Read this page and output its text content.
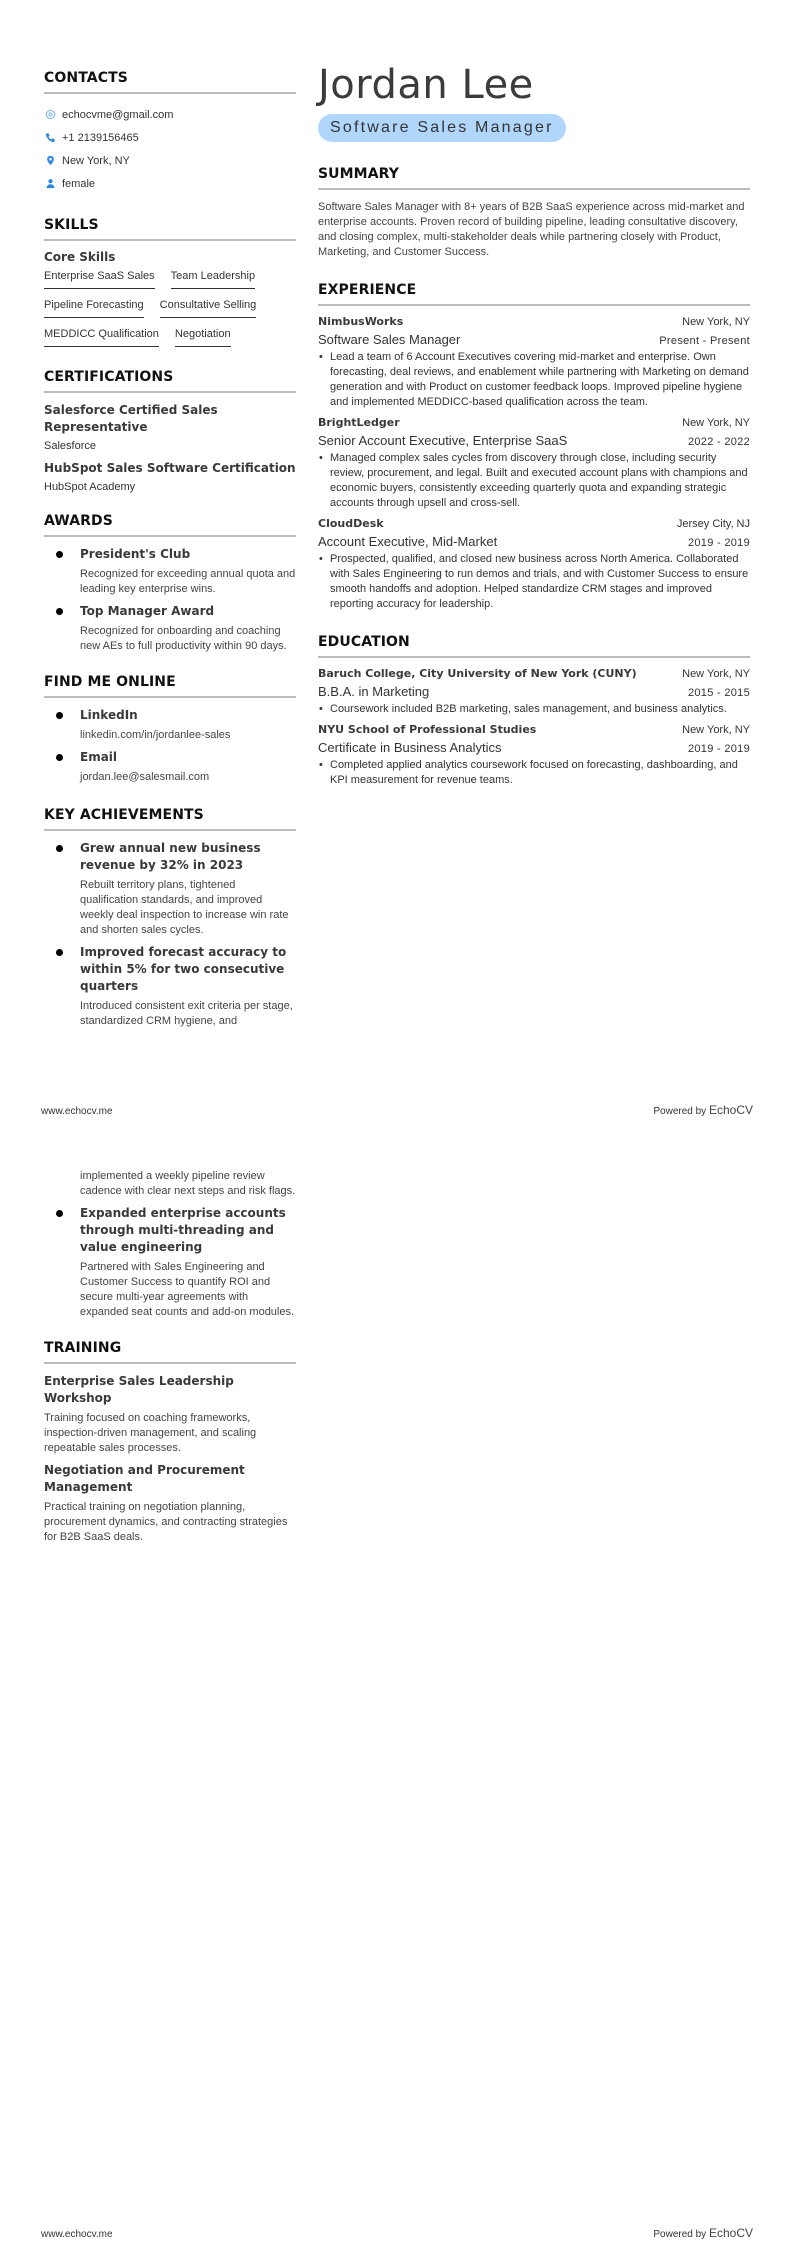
CONTACTS
echocvme@gmail.com
+1 2139156465
New York, NY
female
SKILLS
Core Skills
Enterprise SaaS Sales Team Leadership
Pipeline Forecasting Consultative Selling
MEDDICC Qualification Negotiation
CERTIFICATIONS
Salesforce Certified Sales Representative
Salesforce
HubSpot Sales Software Certification
HubSpot Academy
AWARDS
President's Club
Recognized for exceeding annual quota and leading key enterprise wins.
Top Manager Award
Recognized for onboarding and coaching new AEs to full productivity within 90 days.
FIND ME ONLINE
LinkedIn
linkedin.com/in/jordanlee-sales
Email
jordan.lee@salesmail.com
KEY ACHIEVEMENTS
Grew annual new business revenue by 32% in 2023
Rebuilt territory plans, tightened qualification standards, and improved weekly deal inspection to increase win rate and shorten sales cycles.
Improved forecast accuracy to within 5% for two consecutive quarters
Introduced consistent exit criteria per stage, standardized CRM hygiene, and
Jordan Lee
Software Sales Manager
SUMMARY
Software Sales Manager with 8+ years of B2B SaaS experience across mid-market and enterprise accounts. Proven record of building pipeline, leading consultative discovery, and closing complex, multi-stakeholder deals while partnering closely with Product, Marketing, and Customer Success.
EXPERIENCE
NimbusWorks	New York, NY
Software Sales Manager	Present - Present
• Lead a team of 6 Account Executives covering mid-market and enterprise. Own forecasting, deal reviews, and enablement while partnering with Marketing on demand generation and with Product on customer feedback loops. Improved pipeline hygiene and implemented MEDDICC-based qualification across the team.
BrightLedger	New York, NY
Senior Account Executive, Enterprise SaaS	2022 - 2022
• Managed complex sales cycles from discovery through close, including security review, procurement, and legal. Built and executed account plans with champions and economic buyers, consistently exceeding quarterly quota and expanding strategic accounts through upsell and cross-sell.
CloudDesk	Jersey City, NJ
Account Executive, Mid-Market	2019 - 2019
• Prospected, qualified, and closed new business across North America. Collaborated with Sales Engineering to run demos and trials, and with Customer Success to ensure smooth handoffs and adoption. Helped standardize CRM stages and improved reporting accuracy for leadership.
EDUCATION
Baruch College, City University of New York (CUNY)	New York, NY
B.B.A. in Marketing	2015 - 2015
• Coursework included B2B marketing, sales management, and business analytics.
NYU School of Professional Studies	New York, NY
Certificate in Business Analytics	2019 - 2019
• Completed applied analytics coursework focused on forecasting, dashboarding, and KPI measurement for revenue teams.
www.echocv.me	Powered by EchoCV
implemented a weekly pipeline review cadence with clear next steps and risk flags.
Expanded enterprise accounts through multi-threading and value engineering
Partnered with Sales Engineering and Customer Success to quantify ROI and secure multi-year agreements with expanded seat counts and add-on modules.
TRAINING
Enterprise Sales Leadership Workshop
Training focused on coaching frameworks, inspection-driven management, and scaling repeatable sales processes.
Negotiation and Procurement Management
Practical training on negotiation planning, procurement dynamics, and contracting strategies for B2B SaaS deals.
www.echocv.me	Powered by EchoCV
